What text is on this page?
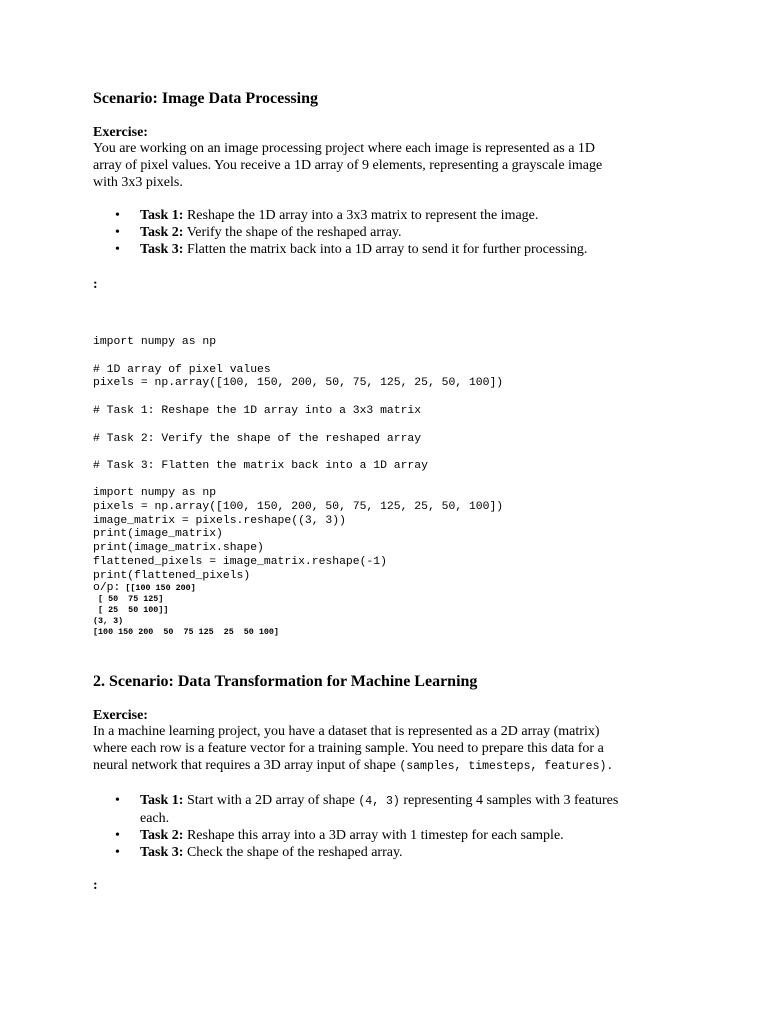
Scenario: Image Data Processing
Exercise:
You are working on an image processing project where each image is represented as a 1D
array of pixel values. You receive a 1D array of 9 elements, representing a grayscale image
with 3x3 pixels.
• Task 1: Reshape the 1D array into a 3x3 matrix to represent the image.
• Task 2: Verify the shape of the reshaped array.
• Task 3: Flatten the matrix back into a 1D array to send it for further processing.
:
import numpy as np

# 1D array of pixel values
pixels = np.array([100, 150, 200, 50, 75, 125, 25, 50, 100])

# Task 1: Reshape the 1D array into a 3x3 matrix

# Task 2: Verify the shape of the reshaped array

# Task 3: Flatten the matrix back into a 1D array
import numpy as np
pixels = np.array([100, 150, 200, 50, 75, 125, 25, 50, 100])
image_matrix = pixels.reshape((3, 3))
print(image_matrix)
print(image_matrix.shape)
flattened_pixels = image_matrix.reshape(-1)
print(flattened_pixels)
o/p: [[100 150 200]
[ 50  75 125]
[ 25  50 100]]
(3, 3)
[100 150 200  50  75 125  25  50 100]
2. Scenario: Data Transformation for Machine Learning
Exercise:
In a machine learning project, you have a dataset that is represented as a 2D array (matrix)
where each row is a feature vector for a training sample. You need to prepare this data for a
neural network that requires a 3D array input of shape (samples, timesteps, features).
• Task 1: Start with a 2D array of shape (4, 3) representing 4 samples with 3 features
each.
• Task 2: Reshape this array into a 3D array with 1 timestep for each sample.
• Task 3: Check the shape of the reshaped array.
:
